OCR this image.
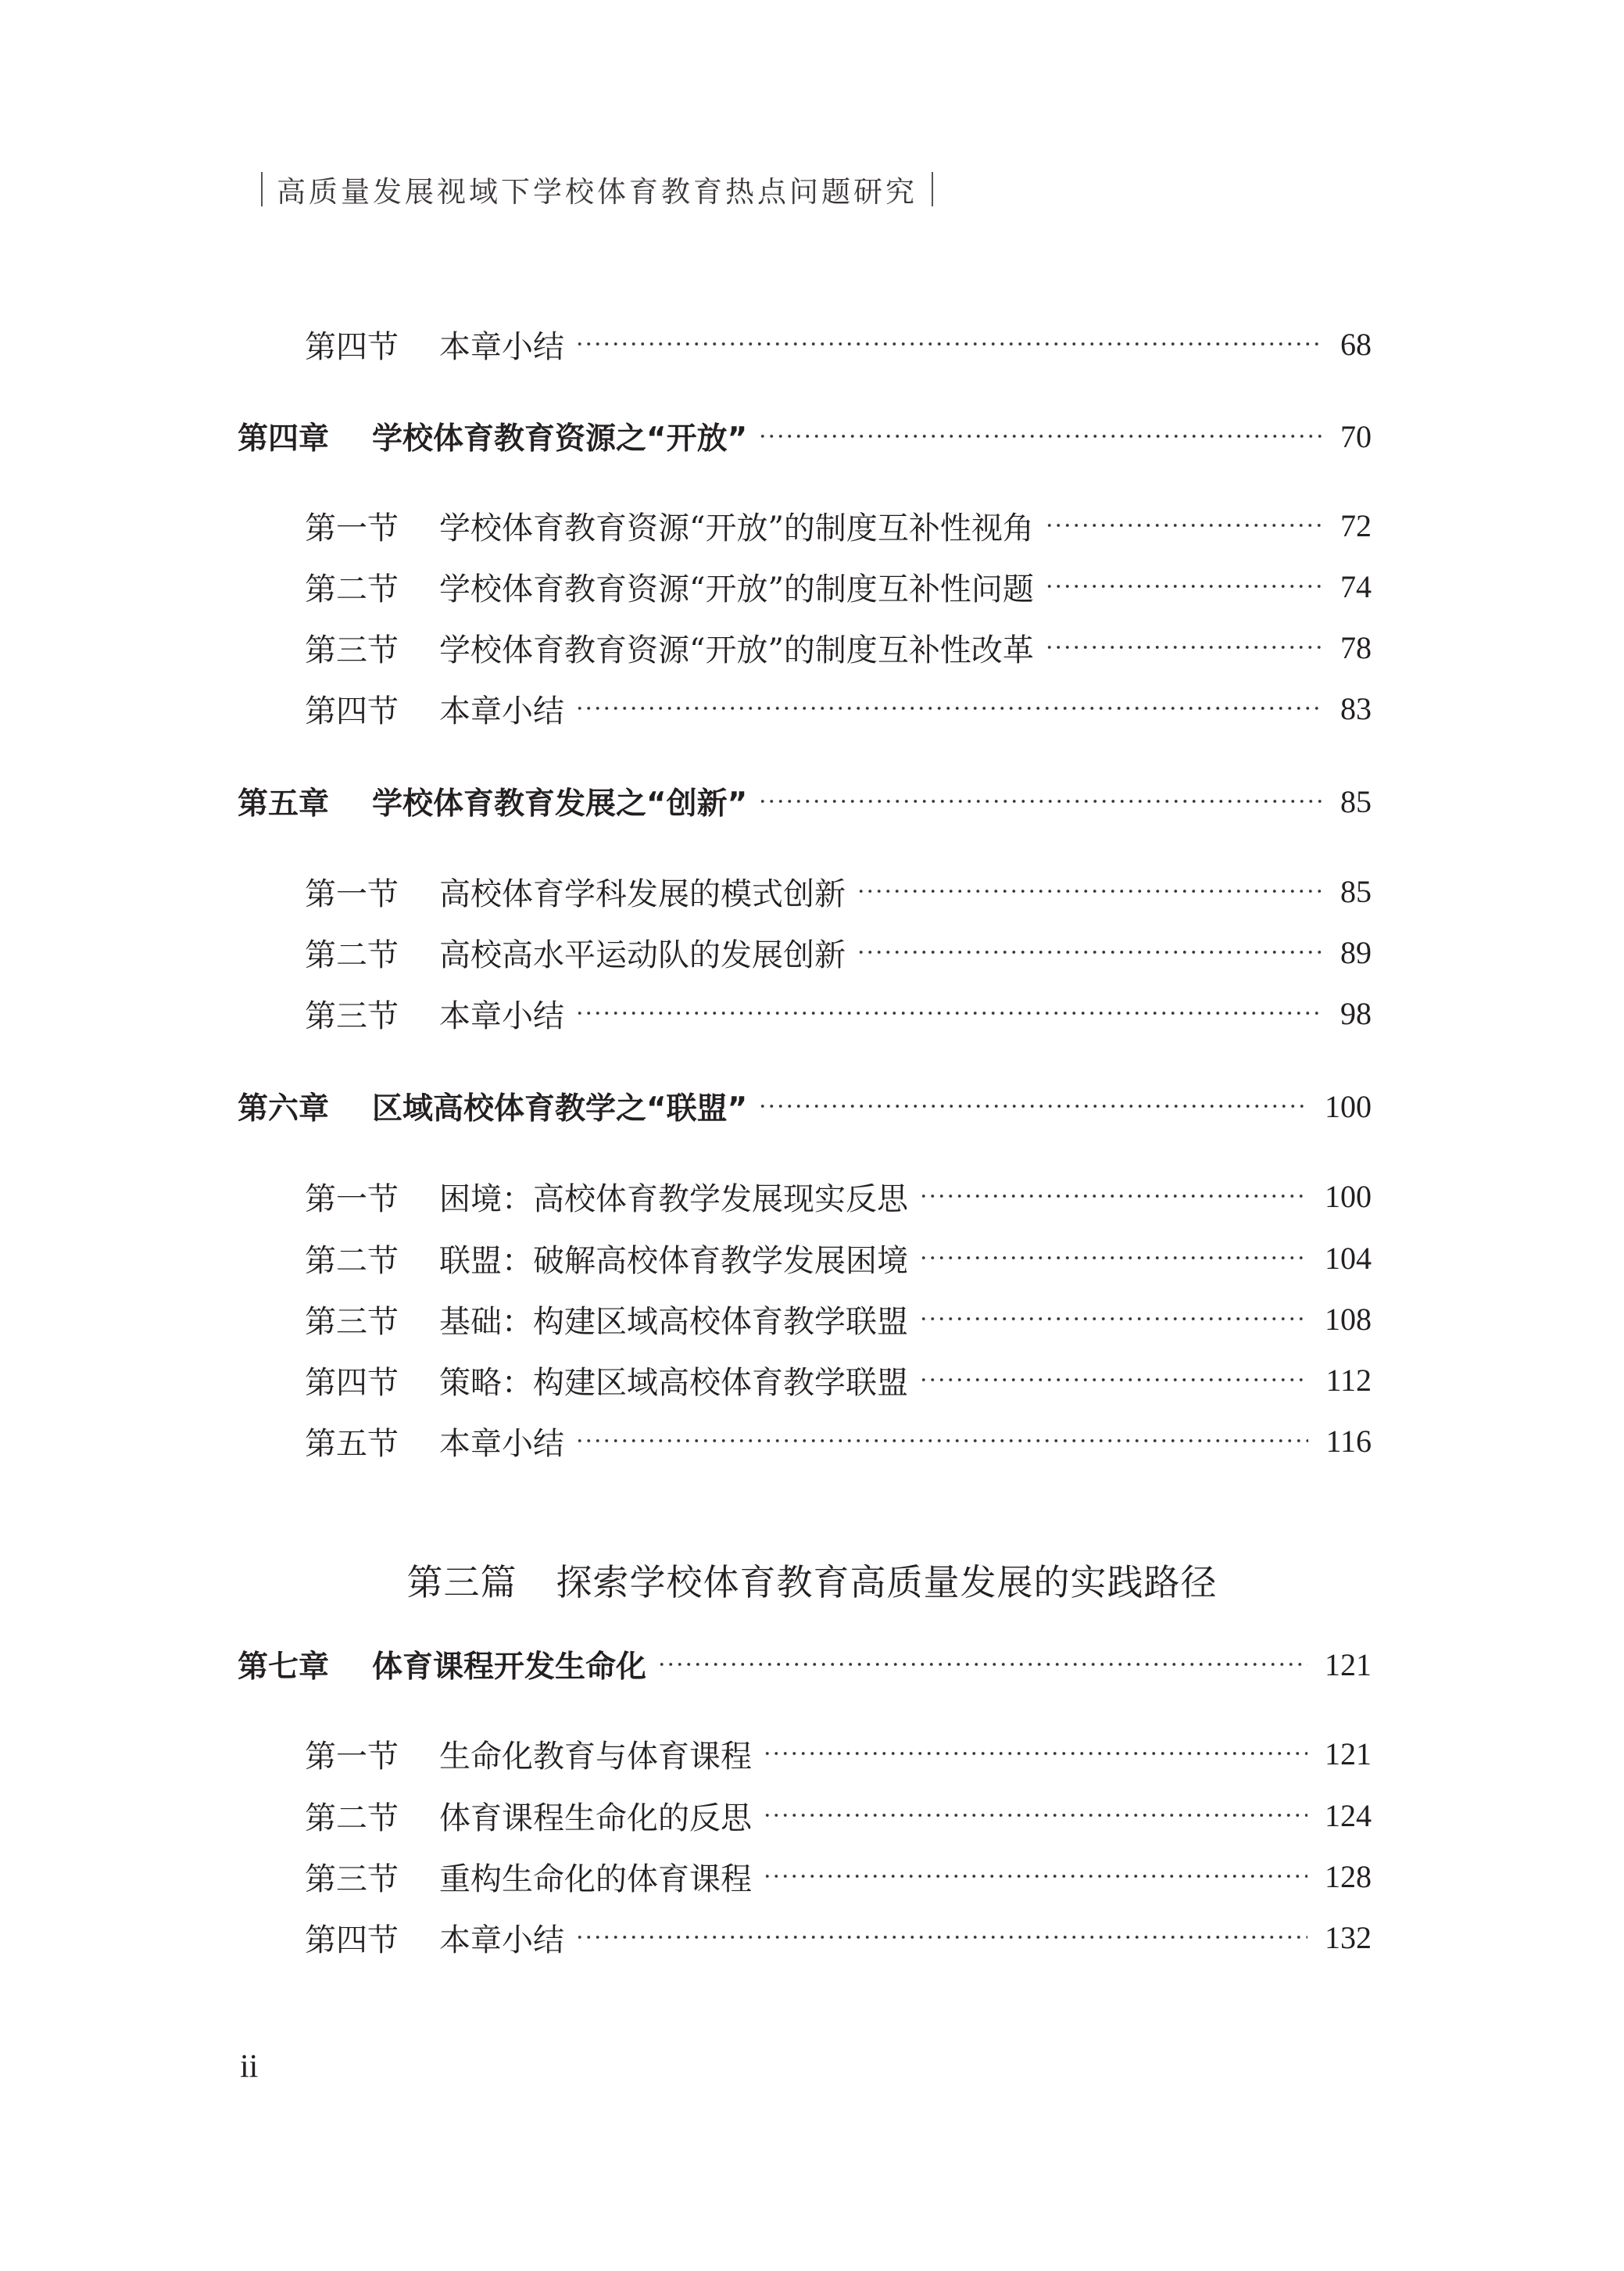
高质量发展视域下学校体育教育热点问题研究
第四节	本章小结	68
第四章	学校体育教育资源之“开放”	70
第一节	学校体育教育资源“开放”的制度互补性视角	72
第二节	学校体育教育资源“开放”的制度互补性问题	74
第三节	学校体育教育资源“开放”的制度互补性改革	78
第四节	本章小结	83
第五章	学校体育教育发展之“创新”	85
第一节	高校体育学科发展的模式创新	85
第二节	高校高水平运动队的发展创新	89
第三节	本章小结	98
第六章	区域高校体育教学之“联盟”	100
第一节	困境：高校体育教学发展现实反思	100
第二节	联盟：破解高校体育教学发展困境	104
第三节	基础：构建区域高校体育教学联盟	108
第四节	策略：构建区域高校体育教学联盟	112
第五节	本章小结	116
第七章	体育课程开发生命化	121
第一节	生命化教育与体育课程	121
第二节	体育课程生命化的反思	124
第三节	重构生命化的体育课程	128
第四节	本章小结	132
第三篇 探索学校体育教育高质量发展的实践路径
ii
